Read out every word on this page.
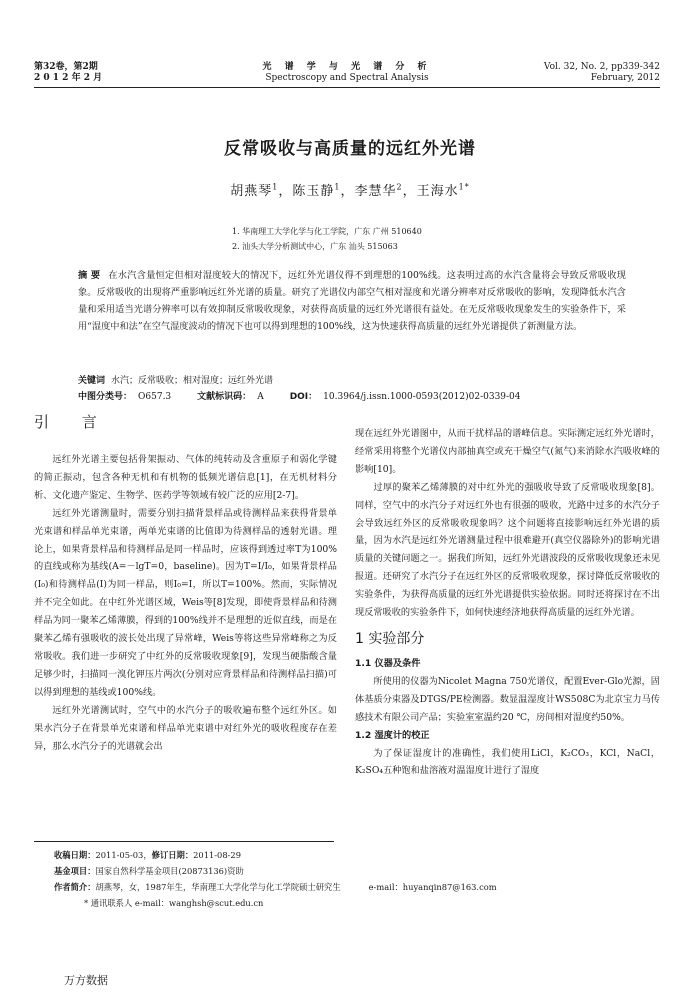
第32卷，第2期
2 0 1 2 年 2 月
光 谱 学 与 光 谱 分 析
Spectroscopy and Spectral Analysis
Vol. 32, No. 2, pp339-342
February, 2012
反常吸收与高质量的远红外光谱
胡燕琴$^1$，陈玉静$^1$，李慧华$^2$，王海水$^{1*}$
1. 华南理工大学化学与化工学院，广东 广州 510640
2. 汕头大学分析测试中心，广东 汕头 515063
摘 要 在水汽含量恒定但相对湿度较大的情况下，远红外光谱仪得不到理想的100%线。这表明过高的水汽含量将会导致反常吸收现象。反常吸收的出现将严重影响远红外光谱的质量。研究了光谱仪内部空气相对湿度和光谱分辨率对反常吸收的影响，发现降低水汽含量和采用适当光谱分辨率可以有效抑制反常吸收现象，对获得高质量的远红外光谱很有益处。在无反常吸收现象发生的实验条件下，采用“湿度中和法”在空气湿度波动的情况下也可以得到理想的100%线，这为快速获得高质量的远红外光谱提供了新测量方法。
关键词 水汽；反常吸收；相对湿度；远红外光谱
中图分类号： O657.3	文献标识码： A	DOI： 10.3964/j.issn.1000-0593(2012)02-0339-04
引 言

远红外光谱主要包括骨架振动、气体的纯转动及含重原子和弱化学键的简正振动，包含各种无机和有机物的低频光谱信息[1]，在无机材料分析、文化遗产鉴定、生物学、医药学等领域有较广泛的应用[2-7]。

远红外光谱测量时，需要分别扫描背景样品或待测样品来获得背景单光束谱和样品单光束谱，两单光束谱的比值即为待测样品的透射光谱。理论上，如果背景样品和待测样品是同一样品时，应该得到透过率T为100%的直线或称为基线(A=－lgT=0，baseline)。因为T=I/I₀，如果背景样品(I₀)和待测样品(I)为同一样品，则I₀=I，所以T=100%。然而，实际情况并不完全如此。在中红外光谱区域，Weis等[8]发现，即使背景样品和待测样品为同一聚苯乙烯薄膜，得到的100%线并不是理想的近似直线，而是在聚苯乙烯有强吸收的波长处出现了异常峰，Weis等将这些异常峰称之为反常吸收。我们进一步研究了中红外的反常吸收现象[9]，发现当硬脂酸含量足够少时，扫描同一溴化钾压片两次(分别对应背景样品和待测样品扫描)可以得到理想的基线或100%线。

远红外光谱测试时，空气中的水汽分子的吸收遍布整个远红外区。如果水汽分子在背景单光束谱和样品单光束谱中对红外光的吸收程度存在差异，那么水汽分子的光谱就会出

现在远红外光谱图中，从而干扰样品的谱峰信息。实际测定远红外光谱时，经常采用将整个光谱仪内部抽真空或充干燥空气(氮气)来消除水汽吸收峰的影响[10]。

过厚的聚苯乙烯薄膜的对中红外光的强吸收导致了反常吸收现象[8]。同样，空气中的水汽分子对远红外也有很强的吸收，光路中过多的水汽分子会导致远红外区的反常吸收现象吗？这个问题将直接影响远红外光谱的质量，因为水汽是远红外光谱测量过程中很难避开(真空仪器除外)的影响光谱质量的关键问题之一。据我们所知，远红外光谱波段的反常吸收现象还未见报道。还研究了水汽分子在远红外区的反常吸收现象，探讨降低反常吸收的实验条件，为获得高质量的远红外光谱提供实验依据。同时还将探讨在不出现反常吸收的实验条件下，如何快速经济地获得高质量的远红外光谱。

1 实验部分

1.1 仪器及条件

所使用的仪器为Nicolet Magna 750光谱仪，配置Ever-Glo光源，固体基质分束器及DTGS/PE检测器。数显温湿度计WS508C为北京宝力马传感技术有限公司产品；实验室室温约20 ℃，房间相对湿度约50%。

1.2 湿度计的校正

为了保证湿度计的准确性，我们使用LiCl，K₂CO₃，KCl，NaCl，K₂SO₄五种饱和盐溶液对温湿度计进行了湿度

收稿日期：2011-05-03，修订日期：2011-08-29
基金项目：国家自然科学基金项目(20873136)资助
作者简介：胡燕琴，女，1987年生，华南理工大学化学与化工学院硕士研究生	e-mail：huyanqin87@163.com
* 通讯联系人 e-mail：wanghsh@scut.edu.cn
万方数据
